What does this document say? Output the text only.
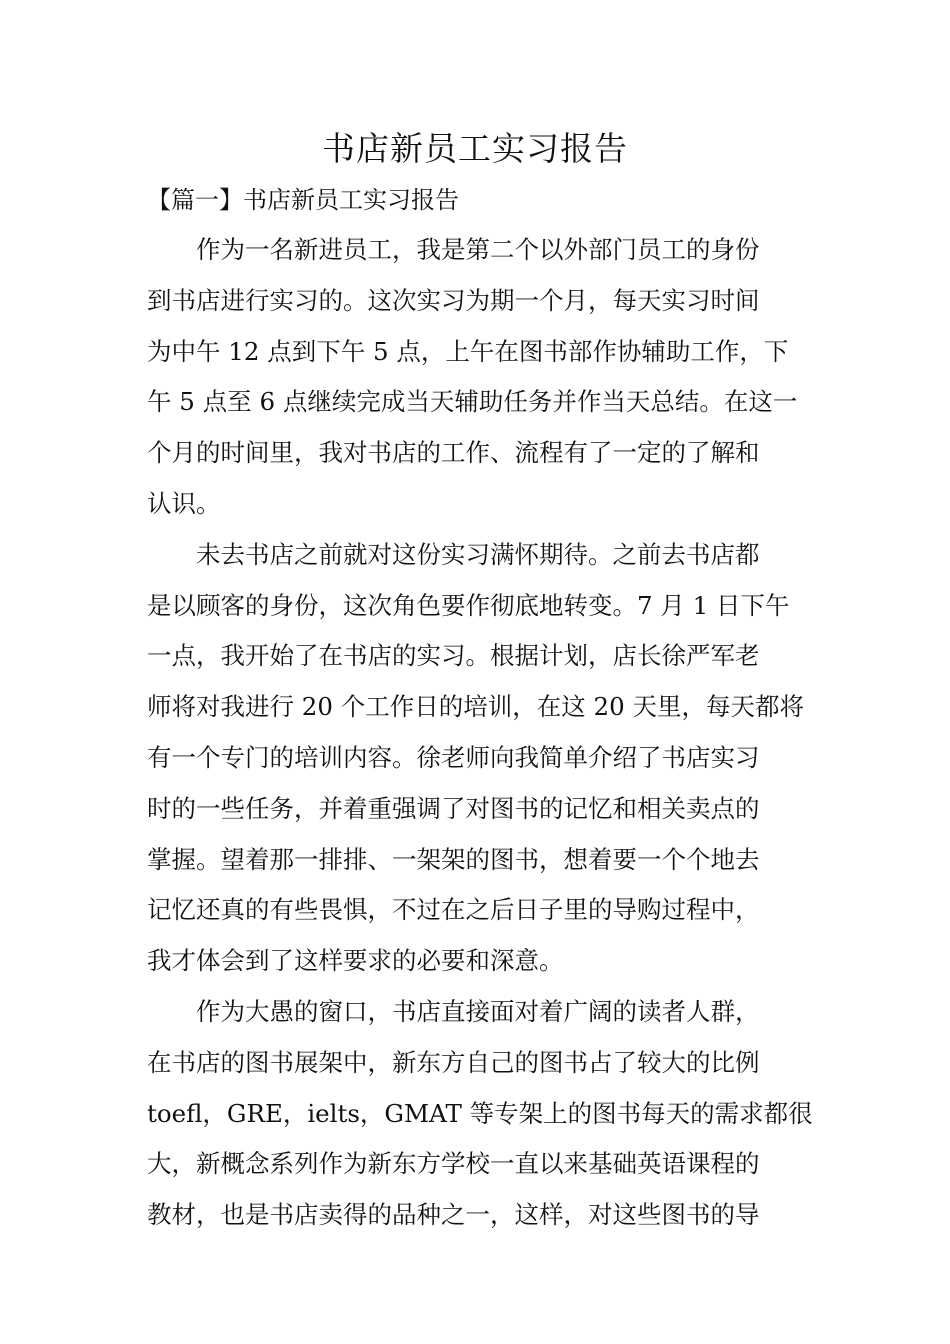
书店新员工实习报告
【篇一】书店新员工实习报告
作为一名新进员工，我是第二个以外部门员工的身份
到书店进行实习的。这次实习为期一个月，每天实习时间
为中午 12 点到下午 5 点，上午在图书部作协辅助工作，下
午 5 点至 6 点继续完成当天辅助任务并作当天总结。在这一
个月的时间里，我对书店的工作、流程有了一定的了解和
认识。
未去书店之前就对这份实习满怀期待。之前去书店都
是以顾客的身份，这次角色要作彻底地转变。7 月 1 日下午
一点，我开始了在书店的实习。根据计划，店长徐严军老
师将对我进行 20 个工作日的培训，在这 20 天里，每天都将
有一个专门的培训内容。徐老师向我简单介绍了书店实习
时的一些任务，并着重强调了对图书的记忆和相关卖点的
掌握。望着那一排排、一架架的图书，想着要一个个地去
记忆还真的有些畏惧，不过在之后日子里的导购过程中，
我才体会到了这样要求的必要和深意。
作为大愚的窗口，书店直接面对着广阔的读者人群，
在书店的图书展架中，新东方自己的图书占了较大的比例
toefl，GRE，ielts，GMAT 等专架上的图书每天的需求都很
大，新概念系列作为新东方学校一直以来基础英语课程的
教材，也是书店卖得的品种之一，这样，对这些图书的导
